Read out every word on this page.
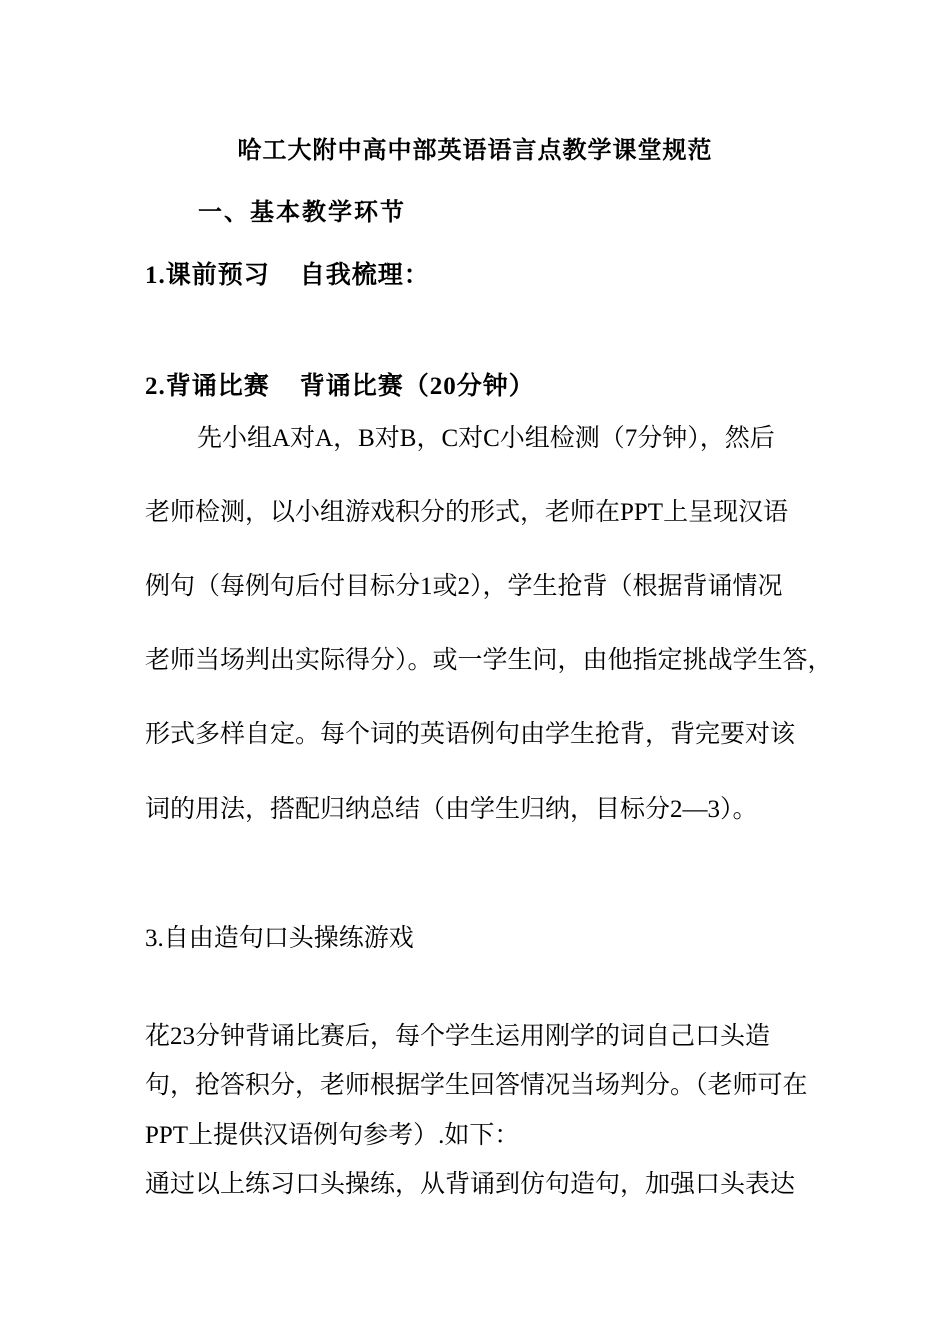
哈工大附中高中部英语语言点教学课堂规范
一、基本教学环节
1.课前预习 自我梳理：
2.背诵比赛 背诵比赛（20分钟）
先小组A对A，B对B，C对C小组检测（7分钟），然后
老师检测，以小组游戏积分的形式，老师在PPT上呈现汉语
例句（每例句后付目标分1或2），学生抢背（根据背诵情况
老师当场判出实际得分）。或一学生问，由他指定挑战学生答，
形式多样自定。每个词的英语例句由学生抢背，背完要对该
词的用法，搭配归纳总结（由学生归纳，目标分2—3）。
3.自由造句口头操练游戏
花23分钟背诵比赛后，每个学生运用刚学的词自己口头造
句，抢答积分，老师根据学生回答情况当场判分。（老师可在
PPT上提供汉语例句参考）.如下：
通过以上练习口头操练，从背诵到仿句造句，加强口头表达
